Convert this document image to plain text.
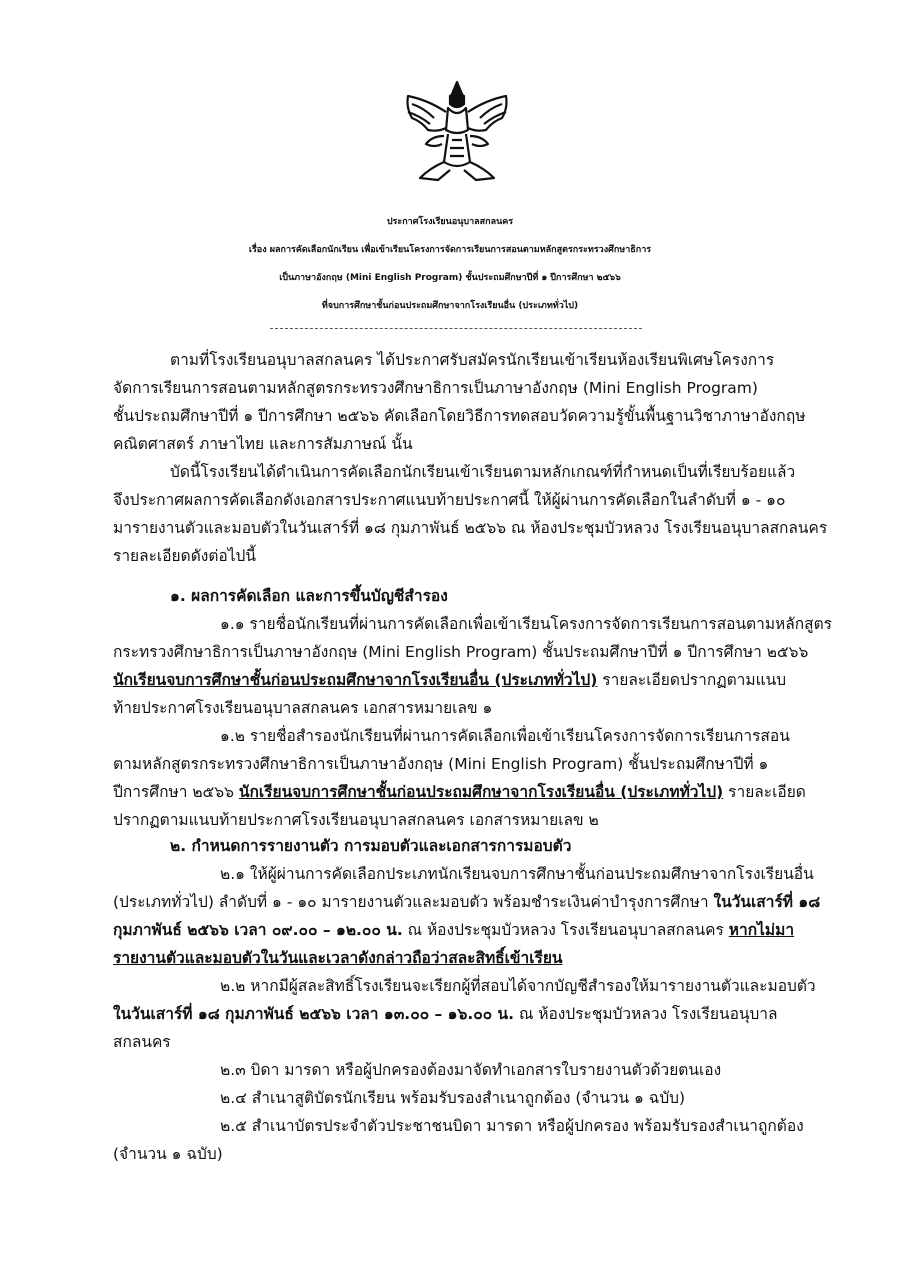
ประกาศโรงเรียนอนุบาลสกลนคร
เรื่อง ผลการคัดเลือกนักเรียน เพื่อเข้าเรียนโครงการจัดการเรียนการสอนตามหลักสูตรกระทรวงศึกษาธิการ
เป็นภาษาอังกฤษ (Mini English Program) ชั้นประถมศึกษาปีที่ ๑ ปีการศึกษา ๒๕๖๖
ที่จบการศึกษาชั้นก่อนประถมศึกษาจากโรงเรียนอื่น (ประเภททั่วไป)
ตามที่โรงเรียนอนุบาลสกลนคร ได้ประกาศรับสมัครนักเรียนเข้าเรียนห้องเรียนพิเศษโครงการ
จัดการเรียนการสอนตามหลักสูตรกระทรวงศึกษาธิการเป็นภาษาอังกฤษ (Mini English Program)
ชั้นประถมศึกษาปีที่ ๑ ปีการศึกษา ๒๕๖๖ คัดเลือกโดยวิธีการทดสอบวัดความรู้ขั้นพื้นฐานวิชาภาษาอังกฤษ
คณิตศาสตร์ ภาษาไทย และการสัมภาษณ์ นั้น
บัดนี้โรงเรียนได้ดำเนินการคัดเลือกนักเรียนเข้าเรียนตามหลักเกณฑ์ที่กำหนดเป็นที่เรียบร้อยแล้ว
จึงประกาศผลการคัดเลือกดังเอกสารประกาศแนบท้ายประกาศนี้ ให้ผู้ผ่านการคัดเลือกในลำดับที่ ๑ - ๑๐
มารายงานตัวและมอบตัวในวันเสาร์ที่ ๑๘ กุมภาพันธ์ ๒๕๖๖ ณ ห้องประชุมบัวหลวง โรงเรียนอนุบาลสกลนคร
รายละเอียดดังต่อไปนี้
๑. ผลการคัดเลือก และการขึ้นบัญชีสำรอง
๑.๑ รายชื่อนักเรียนที่ผ่านการคัดเลือกเพื่อเข้าเรียนโครงการจัดการเรียนการสอนตามหลักสูตร
กระทรวงศึกษาธิการเป็นภาษาอังกฤษ (Mini English Program) ชั้นประถมศึกษาปีที่ ๑ ปีการศึกษา ๒๕๖๖
นักเรียนจบการศึกษาชั้นก่อนประถมศึกษาจากโรงเรียนอื่น (ประเภททั่วไป) รายละเอียดปรากฏตามแนบ
ท้ายประกาศโรงเรียนอนุบาลสกลนคร เอกสารหมายเลข ๑
๑.๒ รายชื่อสำรองนักเรียนที่ผ่านการคัดเลือกเพื่อเข้าเรียนโครงการจัดการเรียนการสอน
ตามหลักสูตรกระทรวงศึกษาธิการเป็นภาษาอังกฤษ (Mini English Program) ชั้นประถมศึกษาปีที่ ๑
ปีการศึกษา ๒๕๖๖ นักเรียนจบการศึกษาชั้นก่อนประถมศึกษาจากโรงเรียนอื่น (ประเภททั่วไป) รายละเอียด
ปรากฏตามแนบท้ายประกาศโรงเรียนอนุบาลสกลนคร เอกสารหมายเลข ๒
๒. กำหนดการรายงานตัว การมอบตัวและเอกสารการมอบตัว
๒.๑ ให้ผู้ผ่านการคัดเลือกประเภทนักเรียนจบการศึกษาชั้นก่อนประถมศึกษาจากโรงเรียนอื่น
(ประเภททั่วไป) ลำดับที่ ๑ - ๑๐ มารายงานตัวและมอบตัว พร้อมชำระเงินค่าบำรุงการศึกษา ในวันเสาร์ที่ ๑๘
กุมภาพันธ์ ๒๕๖๖ เวลา ๐๙.๐๐ – ๑๒.๐๐ น. ณ ห้องประชุมบัวหลวง โรงเรียนอนุบาลสกลนคร หากไม่มา
รายงานตัวและมอบตัวในวันและเวลาดังกล่าวถือว่าสละสิทธิ์เข้าเรียน
๒.๒ หากมีผู้สละสิทธิ์โรงเรียนจะเรียกผู้ที่สอบได้จากบัญชีสำรองให้มารายงานตัวและมอบตัว
ในวันเสาร์ที่ ๑๘ กุมภาพันธ์ ๒๕๖๖ เวลา ๑๓.๐๐ – ๑๖.๐๐ น. ณ ห้องประชุมบัวหลวง โรงเรียนอนุบาล
สกลนคร
๒.๓ บิดา มารดา หรือผู้ปกครองต้องมาจัดทำเอกสารใบรายงานตัวด้วยตนเอง
๒.๔ สำเนาสูติบัตรนักเรียน พร้อมรับรองสำเนาถูกต้อง (จำนวน ๑ ฉบับ)
๒.๕ สำเนาบัตรประจำตัวประชาชนบิดา มารดา หรือผู้ปกครอง พร้อมรับรองสำเนาถูกต้อง
(จำนวน ๑ ฉบับ)
